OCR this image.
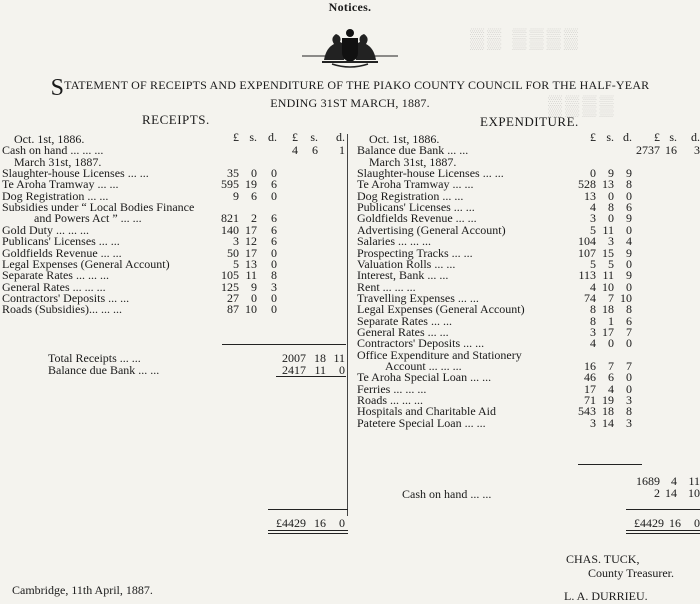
Notices.
▒▒ ▒▒▒▒
▒▒▒▒
STATEMENT OF RECEIPTS AND EXPENDITURE OF THE PIAKO COUNTY COUNCIL FOR THE HALF-YEAR
ENDING 31ST MARCH, 1887.
RECEIPTS.	EXPENDITURE.
£ s. d.	£	s.	d.	£ s. d.	£ s.	d.
Oct. 1st, 1886.
Cash on hand ... ... ...	4	6	1
March 31st, 1887.
Slaughter-house Licenses ... ...	35	0	0
Te Aroha Tramway ... ...	595 19	6
Dog Registration ... ...	9	6	0
Subsidies under “ Local Bodies Finance
and Powers Act ” ... ...	821	2	6
Gold Duty ... ... ...	140 17	6
Publicans' Licenses ... ...	3 12	6
Goldfields Revenue ... ...	50 17	0
Legal Expenses (General Account)	5 13	0
Separate Rates ... ... ...	105 11	8
General Rates ... ... ...	125	9	3
Contractors' Deposits ... ...	27	0	0
Roads (Subsidies)... ... ...	87 10	0
Oct. 1st, 1886.
Balance due Bank ... ...	2737 16	3
March 31st, 1887.
Slaughter-house Licenses ... ...	0	9	9
Te Aroha Tramway ... ...	528 13	8
Dog Registration ... ...	13	0	0
Publicans' Licenses ... ...	4	8	6
Goldfields Revenue ... ...	3	0	9
Advertising (General Account)	5 11	0
Salaries ... ... ...	104	3	4
Prospecting Tracks ... ...	107 15	9
Valuation Rolls ... ...	5	5	0
Interest, Bank ... ...	113 11	9
Rent ... ... ...	4 10	0
Travelling Expenses ... ...	74	7 10
Legal Expenses (General Account)	8 18	8
Separate Rates ... ...	8	1	6
General Rates ... ...	3 17	7
Contractors' Deposits ... ...	4	0	0
Office Expenditure and Stationery
Account ... ... ...	16	7	7
Te Aroha Special Loan ... ...	46	6	0
Ferries ... ... ...	17	4	0
Roads ... ... ...	71 19	3
Hospitals and Charitable Aid	543 18	8
Patetere Special Loan ... ...	3 14	3
Total Receipts ... ...	2007 18 11
Balance due Bank ... ...	2417 11	0
£4429 16	0
1689 4 11
Cash on hand ... ...	2 14 10
£4429 16	0
CHAS. TUCK,
County Treasurer.
L. A. DURRIEU.
Cambridge, 11th April, 1887.
